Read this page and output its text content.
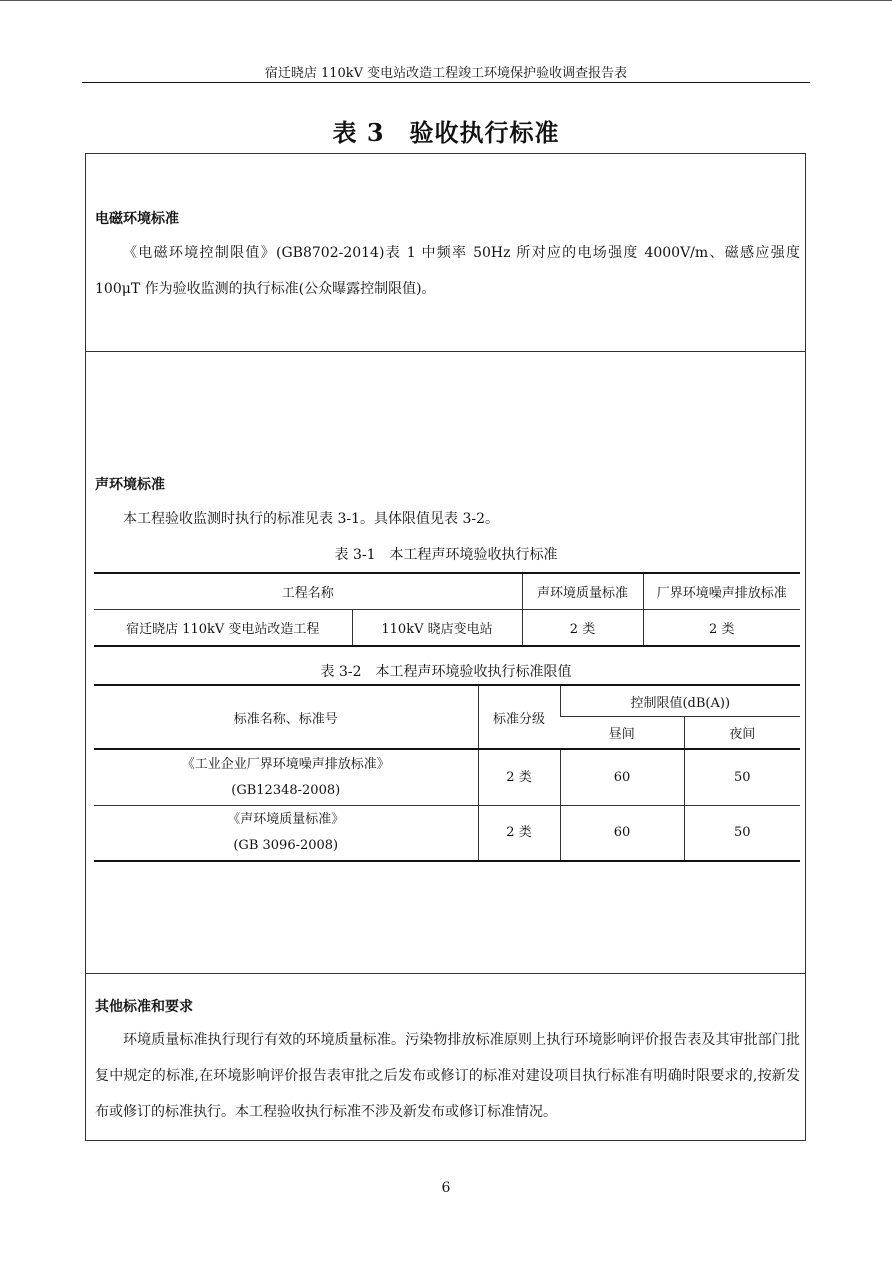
宿迁晓店 110kV 变电站改造工程竣工环境保护验收调查报告表
表 3　验收执行标准
电磁环境标准
《电磁环境控制限值》(GB8702-2014)表 1 中频率 50Hz 所对应的电场强度 4000V/m、磁感应强度 100μT 作为验收监测的执行标准(公众曝露控制限值)。
声环境标准
本工程验收监测时执行的标准见表 3-1。具体限值见表 3-2。
表 3-1　本工程声环境验收执行标准
工程名称		声环境质量标准	厂界环境噪声排放标准
宿迁晓店 110kV 变电站改造工程	110kV 晓店变电站	2 类	2 类
表 3-2　本工程声环境验收执行标准限值
标准名称、标准号	标准分级	控制限值(dB(A))	
		昼间	夜间

《工业企业厂界环境噪声排放标准》
(GB12348-2008)	2 类	60	50

《声环境质量标准》
(GB 3096-2008)	2 类	60	50
其他标准和要求
环境质量标准执行现行有效的环境质量标准。污染物排放标准原则上执行环境影响评价报告表及其审批部门批复中规定的标准,在环境影响评价报告表审批之后发布或修订的标准对建设项目执行标准有明确时限要求的,按新发布或修订的标准执行。本工程验收执行标准不涉及新发布或修订标准情况。
6
